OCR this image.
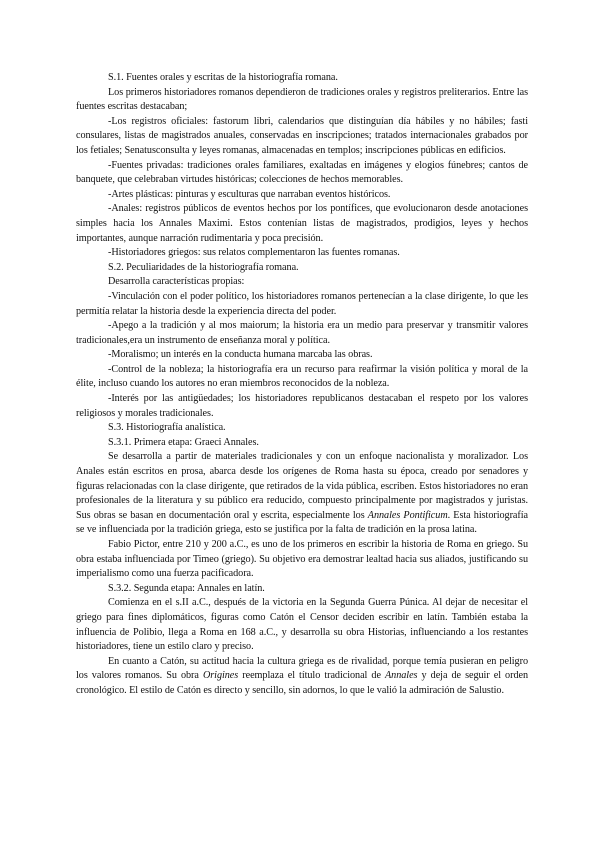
S.1. Fuentes orales y escritas de la historiografía romana.

Los primeros historiadores romanos dependieron de tradiciones orales y registros preliterarios. Entre las fuentes escritas destacaban;

-Los registros oficiales: fastorum libri, calendarios que distinguían día hábiles y no hábiles; fasti consulares, listas de magistrados anuales, conservadas en inscripciones; tratados internacionales grabados por los fetiales; Senatusconsulta y leyes romanas, almacenadas en templos; inscripciones públicas en edificios.

-Fuentes privadas: tradiciones orales familiares, exaltadas en imágenes y elogios fúnebres; cantos de banquete, que celebraban virtudes históricas; colecciones de hechos memorables.

-Artes plásticas: pinturas y esculturas que narraban eventos históricos.

-Anales: registros públicos de eventos hechos por los pontífices, que evolucionaron desde anotaciones simples hacia los Annales Maximi. Estos contenían listas de magistrados, prodigios, leyes y hechos importantes, aunque narración rudimentaria y poca precisión.

-Historiadores griegos: sus relatos complementaron las fuentes romanas.

S.2. Peculiaridades de la historiografía romana.

Desarrolla características propias:

-Vinculación con el poder político, los historiadores romanos pertenecían a la clase dirigente, lo que les permitía relatar la historia desde la experiencia directa del poder.

-Apego a la tradición y al mos maiorum; la historia era un medio para preservar y transmitir valores tradicionales,era un instrumento de enseñanza moral y política.

-Moralismo; un interés en la conducta humana marcaba las obras.

-Control de la nobleza; la historiografía era un recurso para reafirmar la visión política y moral de la élite, incluso cuando los autores no eran miembros reconocidos de la nobleza.

-Interés por las antigüedades; los historiadores republicanos destacaban el respeto por los valores religiosos y morales tradicionales.

S.3. Historiografía analística.

S.3.1. Primera etapa: Graeci Annales.

Se desarrolla a partir de materiales tradicionales y con un enfoque nacionalista y moralizador. Los Anales están escritos en prosa, abarca desde los orígenes de Roma hasta su época, creado por senadores y figuras relacionadas con la clase dirigente, que retirados de la vida pública, escriben. Estos historiadores no eran profesionales de la literatura y su público era reducido, compuesto principalmente por magistrados y juristas. Sus obras se basan en documentación oral y escrita, especialmente los Annales Pontificum. Esta historiografía se ve influenciada por la tradición griega, esto se justifica por la falta de tradición en la prosa latina.

Fabio Pictor, entre 210 y 200 a.C., es uno de los primeros en escribir la historia de Roma en griego. Su obra estaba influenciada por Timeo (griego). Su objetivo era demostrar lealtad hacia sus aliados, justificando su imperialismo como una fuerza pacificadora.

S.3.2. Segunda etapa: Annales en latín.

Comienza en el s.II a.C., después de la victoria en la Segunda Guerra Púnica. Al dejar de necesitar el griego para fines diplomáticos, figuras como Catón el Censor deciden escribir en latín. También estaba la influencia de Polibio, llega a Roma en 168 a.C., y desarrolla su obra Historias, influenciando a los restantes historiadores, tiene un estilo claro y preciso.

En cuanto a Catón, su actitud hacia la cultura griega es de rivalidad, porque temía pusieran en peligro los valores romanos. Su obra Origines reemplaza el título tradicional de Annales y deja de seguir el orden cronológico. El estilo de Catón es directo y sencillo, sin adornos, lo que le valió la admiración de Salustio.
